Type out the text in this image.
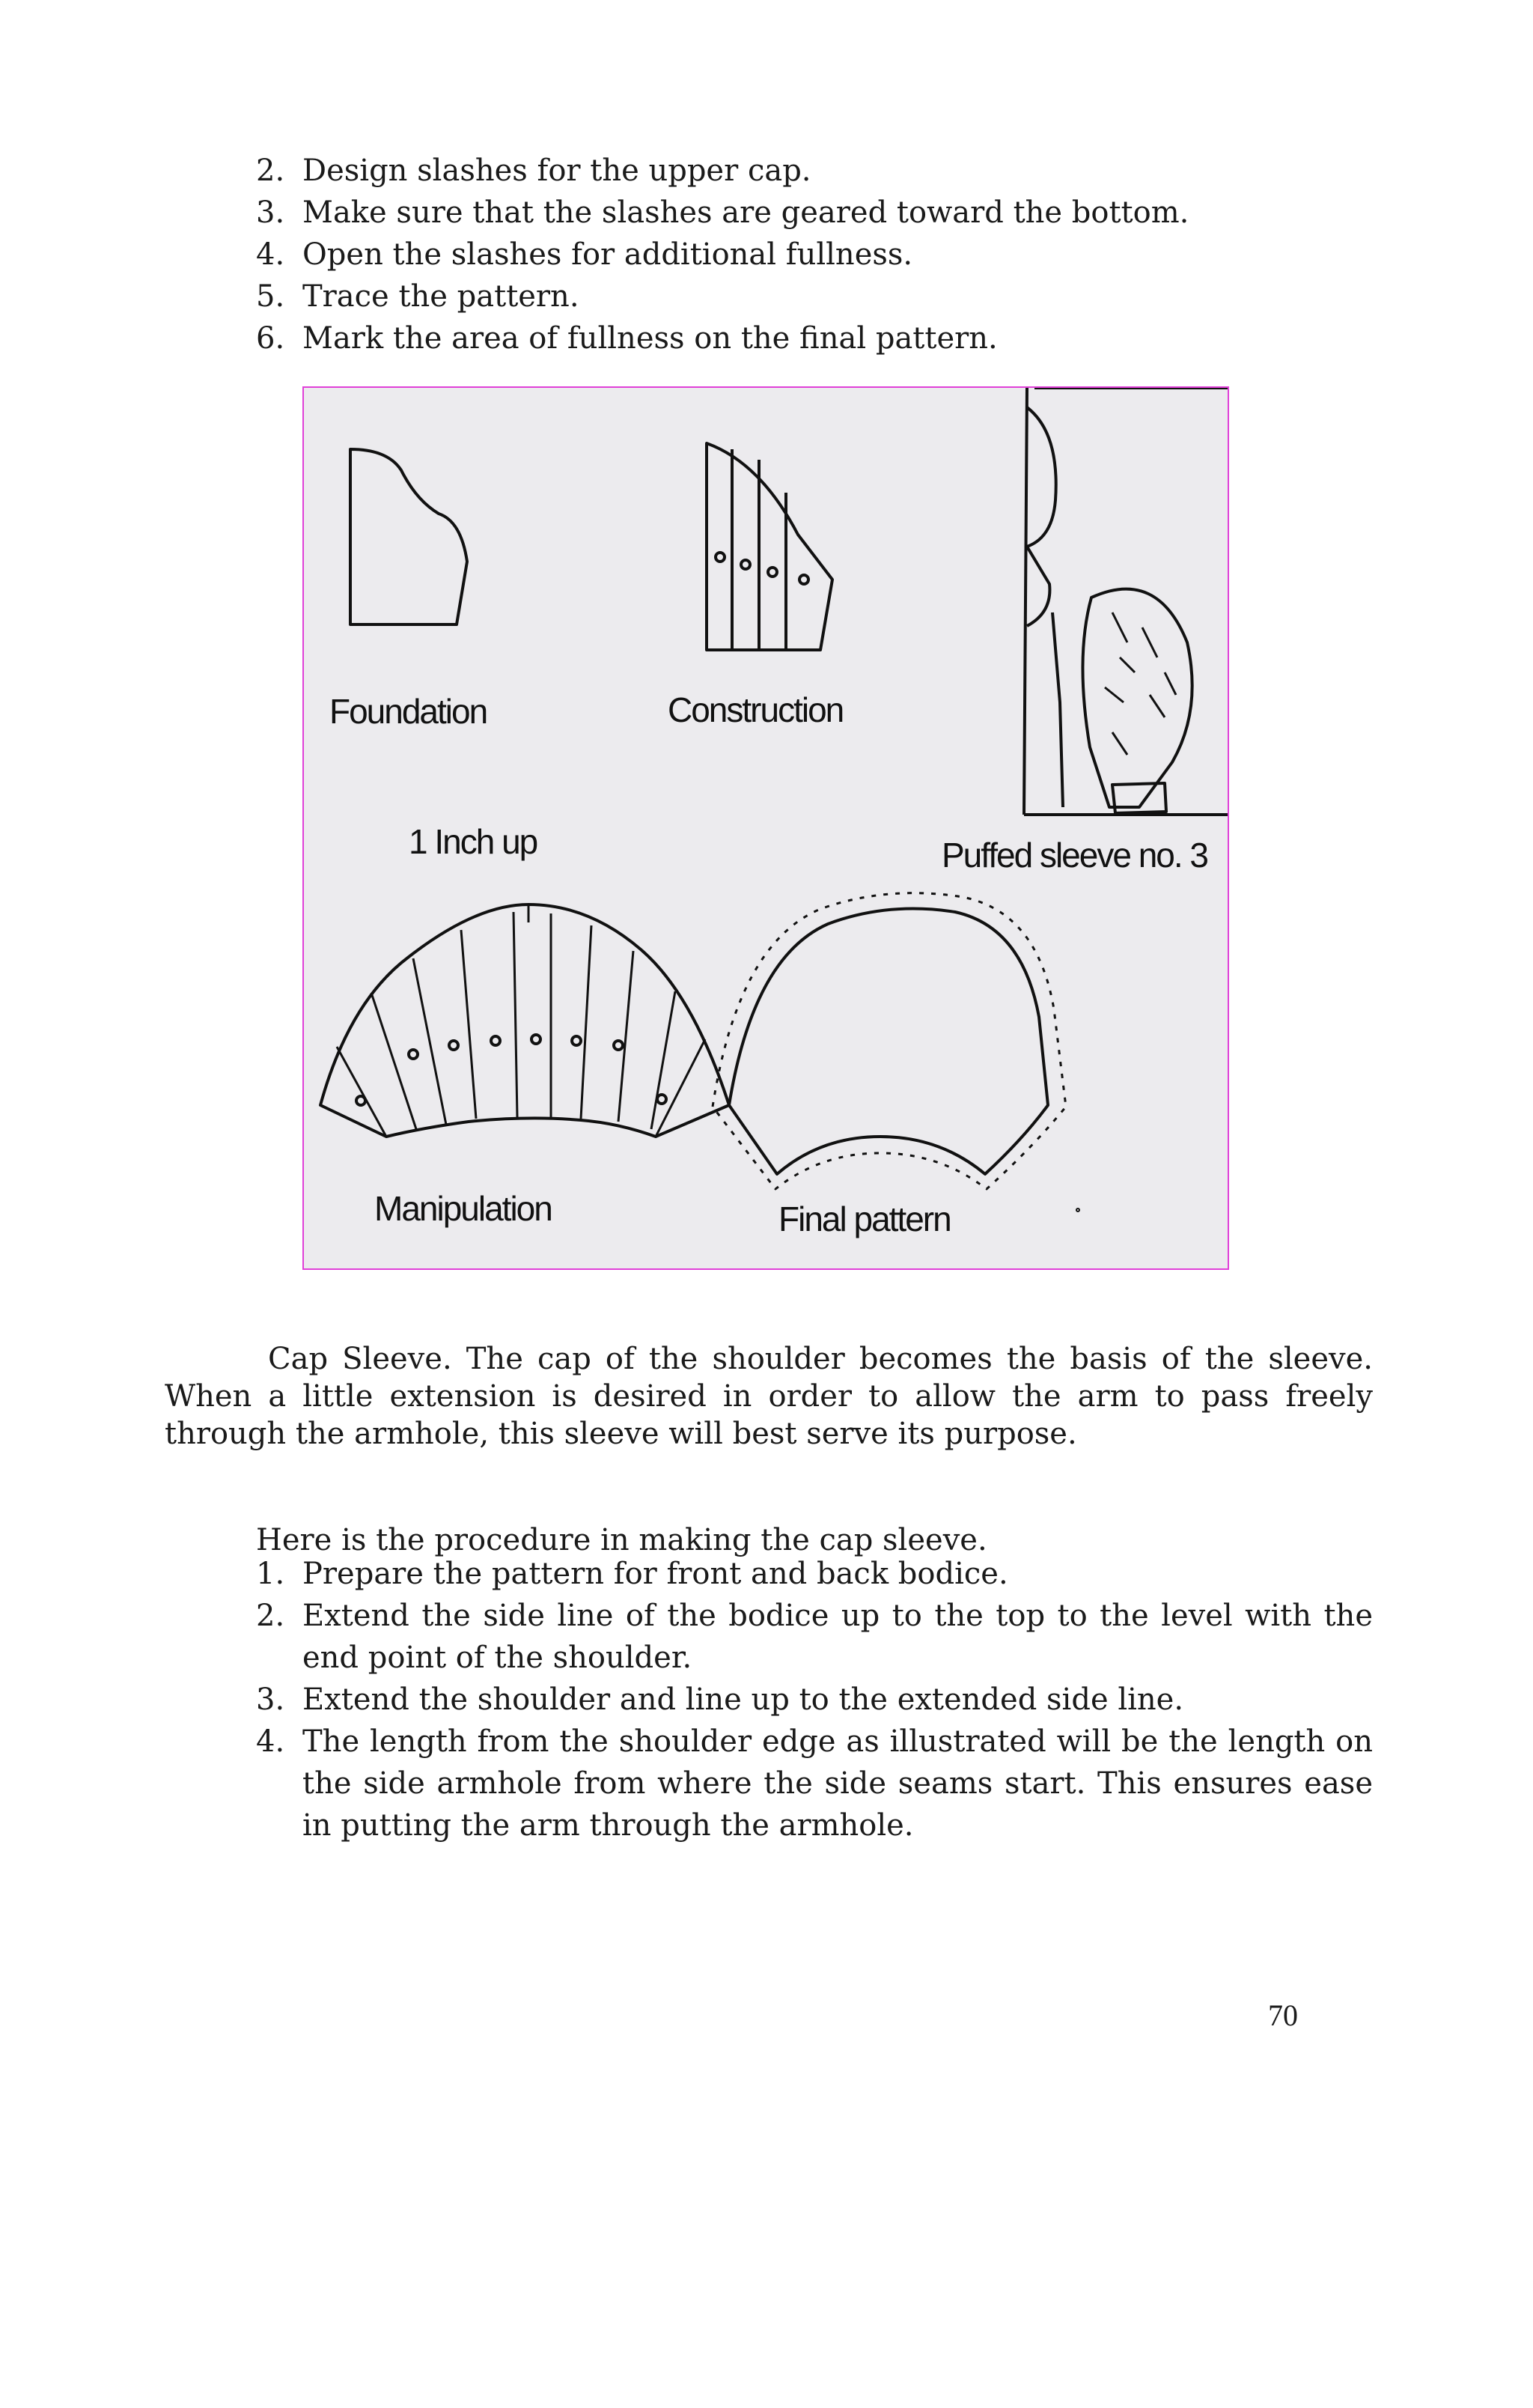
2. Design slashes for the upper cap.
3. Make sure that the slashes are geared toward the bottom.
4. Open the slashes for additional fullness.
5. Trace the pattern.
6. Mark the area of fullness on the final pattern.
Foundation	Construction
Puffed sleeve no. 3
1 Inch up
Manipulation	Final pattern

Cap Sleeve. The cap of the shoulder becomes the basis of the sleeve. When a little extension is desired in order to allow the arm to pass freely through the armhole, this sleeve will best serve its purpose.

Here is the procedure in making the cap sleeve.

1. Prepare the pattern for front and back bodice.
2. Extend the side line of the bodice up to the top to the level with the end point of the shoulder.
3. Extend the shoulder and line up to the extended side line.
4. The length from the shoulder edge as illustrated will be the length on the side armhole from where the side seams start. This ensures ease in putting the arm through the armhole.
70
